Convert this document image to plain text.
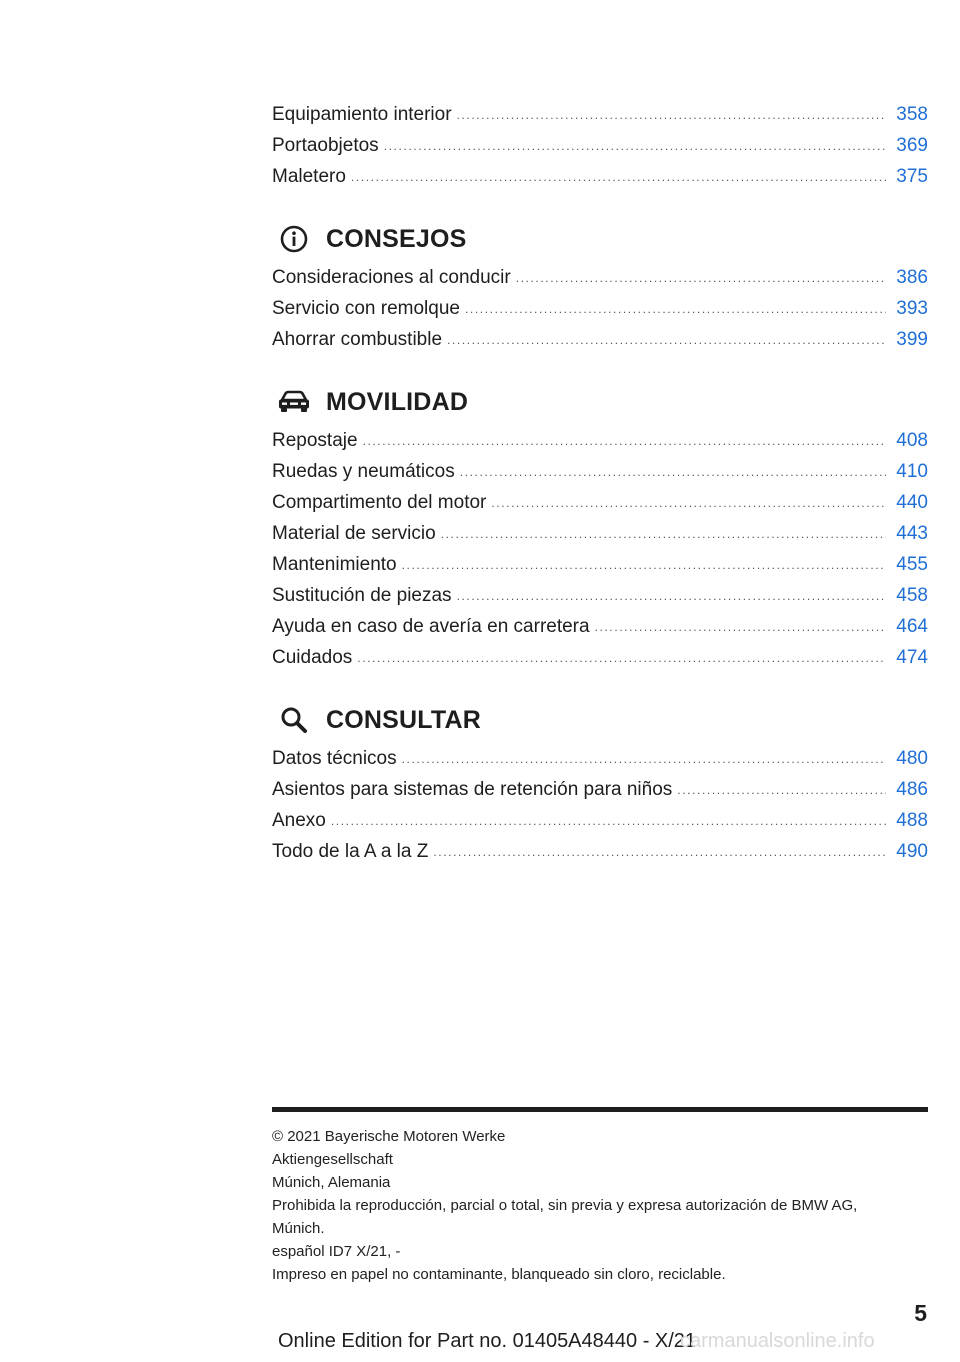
Equipamiento interior .....	358
Portaobjetos .....	369
Maletero .....	375
CONSEJOS
Consideraciones al conducir .....	386
Servicio con remolque .....	393
Ahorrar combustible .....	399
MOVILIDAD
Repostaje .....	408
Ruedas y neumáticos .....	410
Compartimento del motor .....	440
Material de servicio .....	443
Mantenimiento .....	455
Sustitución de piezas .....	458
Ayuda en caso de avería en carretera .....	464
Cuidados .....	474
CONSULTAR
Datos técnicos .....	480
Asientos para sistemas de retención para niños .....	486
Anexo .....	488
Todo de la A a la Z .....	490
© 2021 Bayerische Motoren Werke
Aktiengesellschaft
Múnich, Alemania
Prohibida la reproducción, parcial o total, sin previa y expresa autorización de BMW AG,
Múnich.
español ID7 X/21, -
Impreso en papel no contaminante, blanqueado sin cloro, reciclable.
5
Online Edition for Part no. 01405A48440 - X/21
carmanualsonline.info
